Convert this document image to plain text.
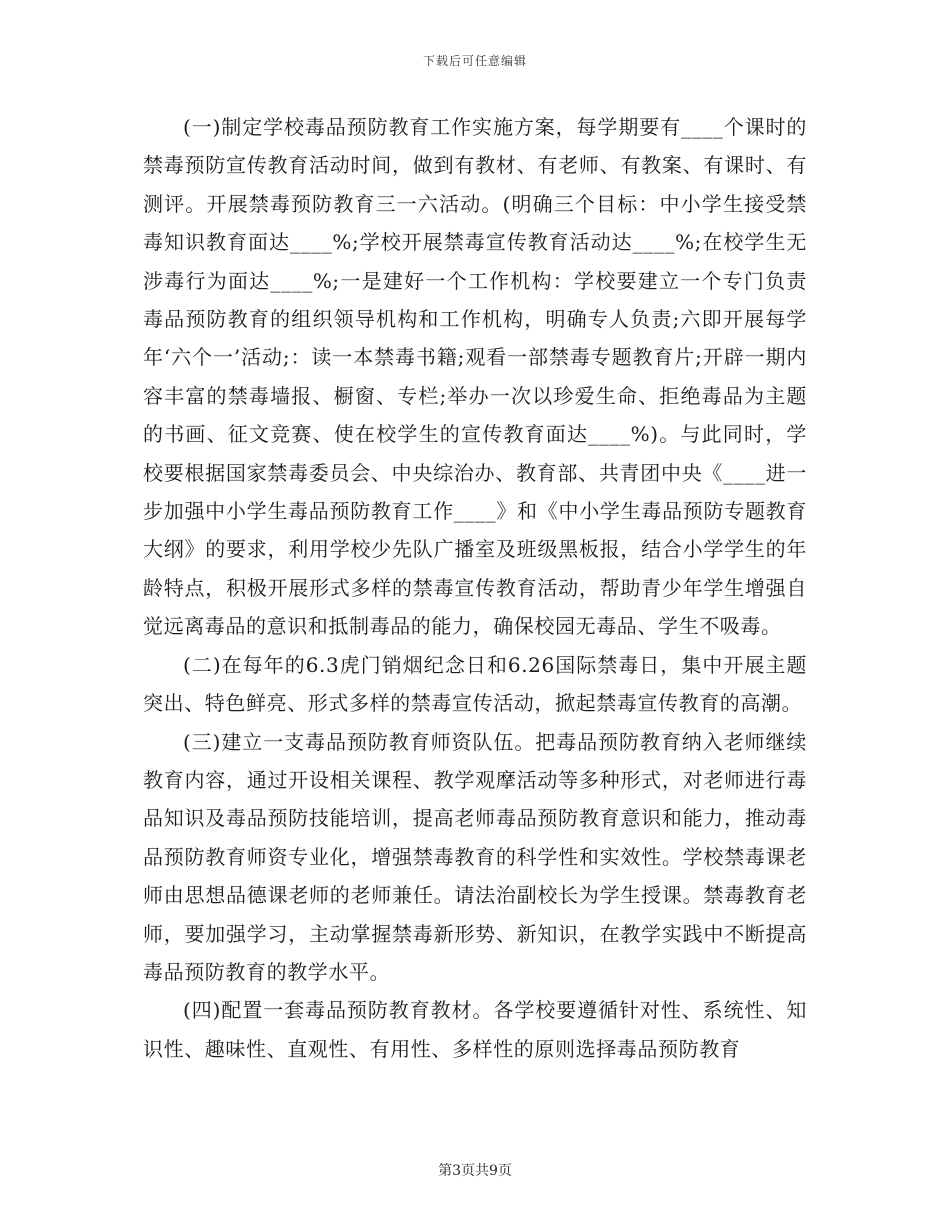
下载后可任意编辑

(一)制定学校毒品预防教育工作实施方案，每学期要有____个课时的禁毒预防宣传教育活动时间，做到有教材、有老师、有教案、有课时、有测评。开展禁毒预防教育三一六活动。(明确三个目标：中小学生接受禁毒知识教育面达____%;学校开展禁毒宣传教育活动达____%;在校学生无涉毒行为面达____%;一是建好一个工作机构：学校要建立一个专门负责毒品预防教育的组织领导机构和工作机构，明确专人负责;六即开展每学年‘六个一’活动;：读一本禁毒书籍;观看一部禁毒专题教育片;开辟一期内容丰富的禁毒墙报、橱窗、专栏;举办一次以珍爱生命、拒绝毒品为主题的书画、征文竞赛、使在校学生的宣传教育面达____%)。与此同时，学校要根据国家禁毒委员会、中央综治办、教育部、共青团中央《____进一步加强中小学生毒品预防教育工作____》和《中小学生毒品预防专题教育大纲》的要求，利用学校少先队广播室及班级黑板报，结合小学学生的年龄特点，积极开展形式多样的禁毒宣传教育活动，帮助青少年学生增强自觉远离毒品的意识和抵制毒品的能力，确保校园无毒品、学生不吸毒。

(二)在每年的6.3虎门销烟纪念日和6.26国际禁毒日，集中开展主题突出、特色鲜亮、形式多样的禁毒宣传活动，掀起禁毒宣传教育的高潮。

(三)建立一支毒品预防教育师资队伍。把毒品预防教育纳入老师继续教育内容，通过开设相关课程、教学观摩活动等多种形式，对老师进行毒品知识及毒品预防技能培训，提高老师毒品预防教育意识和能力，推动毒品预防教育师资专业化，增强禁毒教育的科学性和实效性。学校禁毒课老师由思想品德课老师的老师兼任。请法治副校长为学生授课。禁毒教育老师，要加强学习，主动掌握禁毒新形势、新知识，在教学实践中不断提高毒品预防教育的教学水平。

(四)配置一套毒品预防教育教材。各学校要遵循针对性、系统性、知识性、趣味性、直观性、有用性、多样性的原则选择毒品预防教育

第3页共9页
